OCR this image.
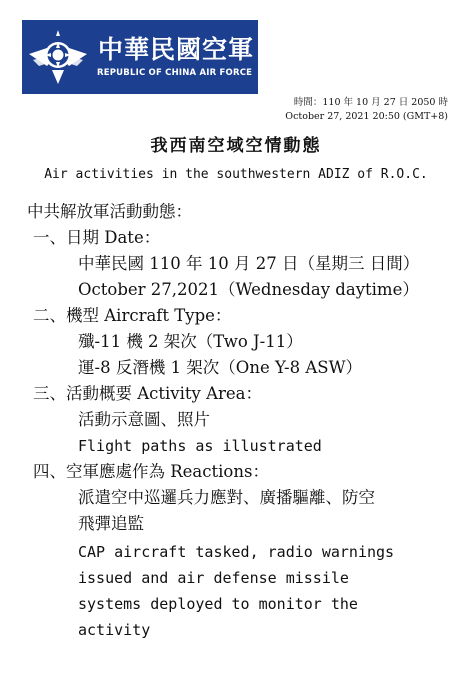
中華民國空軍
REPUBLIC OF CHINA AIR FORCE
時間：110 年 10 月 27 日 2050 時
October 27, 2021 20:50 (GMT+8)
我西南空域空情動態
Air activities in the southwestern ADIZ of R.O.C.
中共解放軍活動動態：
一、日期 Date：
中華民國 110 年 10 月 27 日（星期三 日間）
October 27,2021（Wednesday daytime）
二、機型 Aircraft Type：
殲-11 機 2 架次（Two J-11）
運-8 反潛機 1 架次（One Y-8 ASW）
三、活動概要 Activity Area：
活動示意圖、照片
Flight paths as illustrated
四、空軍應處作為 Reactions：
派遣空中巡邏兵力應對、廣播驅離、防空
飛彈追監
CAP aircraft tasked, radio warnings
issued and air defense missile
systems deployed to monitor the
activity
